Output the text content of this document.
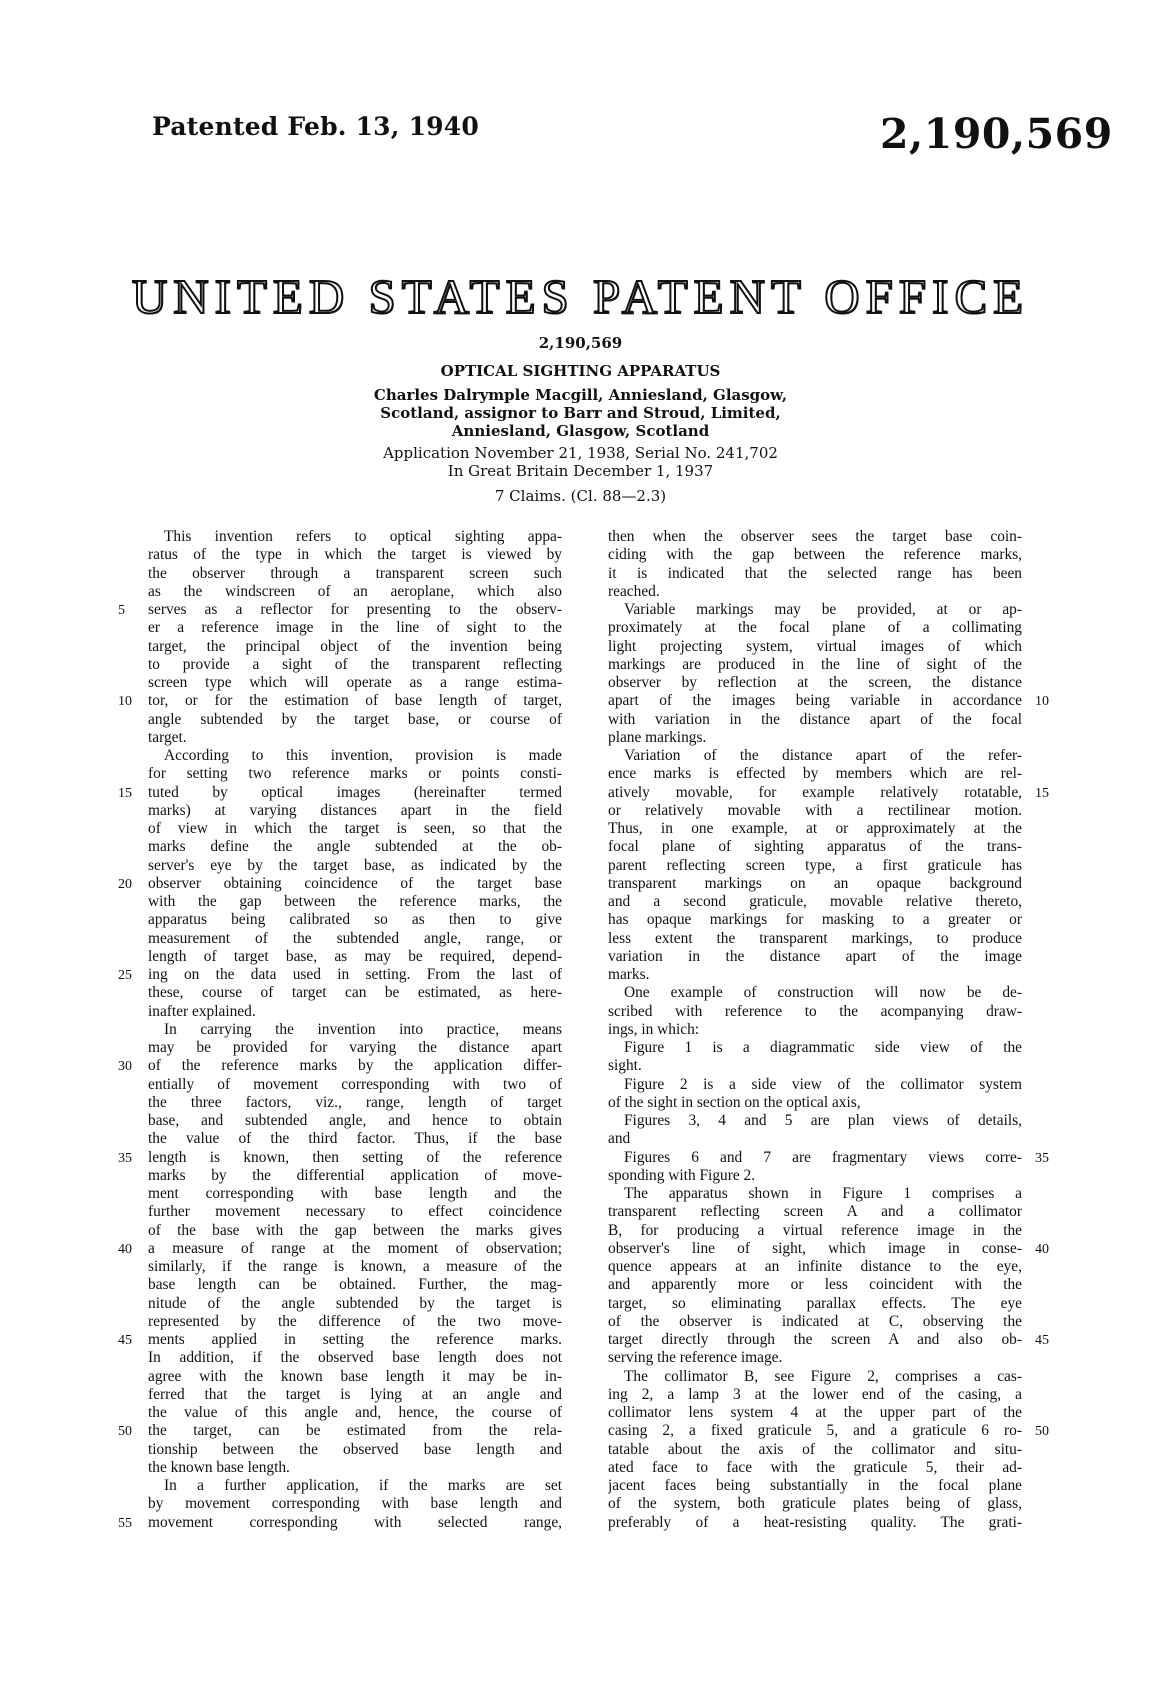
Patented Feb. 13, 1940	2,190,569
UNITED STATES PATENT OFFICE
2,190,569
OPTICAL SIGHTING APPARATUS
Charles Dalrymple Macgill, Anniesland, Glasgow,
Scotland, assignor to Barr and Stroud, Limited,
Anniesland, Glasgow, Scotland
Application November 21, 1938, Serial No. 241,702
In Great Britain December 1, 1937
7 Claims. (Cl. 88—2.3)
This invention refers to optical sighting appa-
ratus of the type in which the target is viewed by
the observer through a transparent screen such
as the windscreen of an aeroplane, which also
serves as a reflector for presenting to the observ-
er a reference image in the line of sight to the
target, the principal object of the invention being
to provide a sight of the transparent reflecting
screen type which will operate as a range estima-
tor, or for the estimation of base length of target,
angle subtended by the target base, or course of
target.
According to this invention, provision is made
for setting two reference marks or points consti-
tuted by optical images (hereinafter termed
marks) at varying distances apart in the field
of view in which the target is seen, so that the
marks define the angle subtended at the ob-
server's eye by the target base, as indicated by the
observer obtaining coincidence of the target base
with the gap between the reference marks, the
apparatus being calibrated so as then to give
measurement of the subtended angle, range, or
length of target base, as may be required, depend-
ing on the data used in setting. From the last of
these, course of target can be estimated, as here-
inafter explained.
In carrying the invention into practice, means
may be provided for varying the distance apart
of the reference marks by the application differ-
entially of movement corresponding with two of
the three factors, viz., range, length of target
base, and subtended angle, and hence to obtain
the value of the third factor. Thus, if the base
length is known, then setting of the reference
marks by the differential application of move-
ment corresponding with base length and the
further movement necessary to effect coincidence
of the base with the gap between the marks gives
a measure of range at the moment of observation;
similarly, if the range is known, a measure of the
base length can be obtained. Further, the mag-
nitude of the angle subtended by the target is
represented by the difference of the two move-
ments applied in setting the reference marks.
In addition, if the observed base length does not
agree with the known base length it may be in-
ferred that the target is lying at an angle and
the value of this angle and, hence, the course of
the target, can be estimated from the rela-
tionship between the observed base length and
the known base length.
In a further application, if the marks are set
by movement corresponding with base length and
movement corresponding with selected range,
then when the observer sees the target base coin-
ciding with the gap between the reference marks,
it is indicated that the selected range has been
reached.
Variable markings may be provided, at or ap-
proximately at the focal plane of a collimating
light projecting system, virtual images of which
markings are produced in the line of sight of the
observer by reflection at the screen, the distance
apart of the images being variable in accordance
with variation in the distance apart of the focal
plane markings.
Variation of the distance apart of the refer-
ence marks is effected by members which are rel-
atively movable, for example relatively rotatable,
or relatively movable with a rectilinear motion.
Thus, in one example, at or approximately at the
focal plane of sighting apparatus of the trans-
parent reflecting screen type, a first graticule has
transparent markings on an opaque background
and a second graticule, movable relative thereto,
has opaque markings for masking to a greater or
less extent the transparent markings, to produce
variation in the distance apart of the image
marks.
One example of construction will now be de-
scribed with reference to the acompanying draw-
ings, in which:
Figure 1 is a diagrammatic side view of the
sight.
Figure 2 is a side view of the collimator system
of the sight in section on the optical axis,
Figures 3, 4 and 5 are plan views of details,
and
Figures 6 and 7 are fragmentary views corre-
sponding with Figure 2.
The apparatus shown in Figure 1 comprises a
transparent reflecting screen A and a collimator
B, for producing a virtual reference image in the
observer's line of sight, which image in conse-
quence appears at an infinite distance to the eye,
and apparently more or less coincident with the
target, so eliminating parallax effects. The eye
of the observer is indicated at C, observing the
target directly through the screen A and also ob-
serving the reference image.
The collimator B, see Figure 2, comprises a cas-
ing 2, a lamp 3 at the lower end of the casing, a
collimator lens system 4 at the upper part of the
casing 2, a fixed graticule 5, and a graticule 6 ro-
tatable about the axis of the collimator and situ-
ated face to face with the graticule 5, their ad-
jacent faces being substantially in the focal plane
of the system, both graticule plates being of glass,
preferably of a heat-resisting quality. The grati-
5
10
15
20
25
30
35
40
45
50
55
10
15
35
40
45
50
